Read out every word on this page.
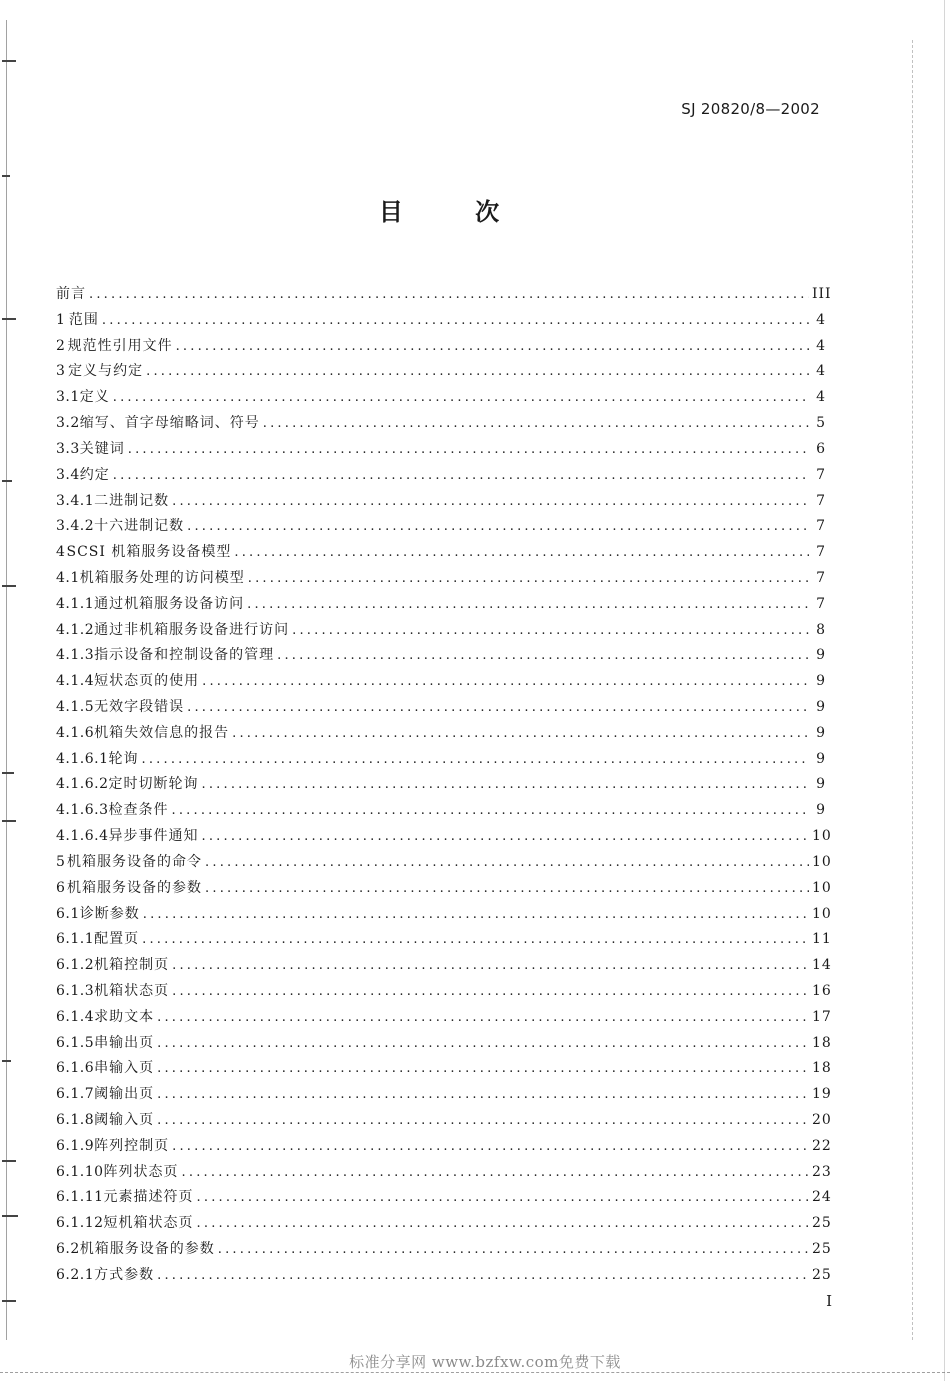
SJ 20820/8—2002
目 次
前言 .....	III
1 范围 .....	4
2 规范性引用文件 .....	4
3 定义与约定 .....	4
3.1 定义 .....	4
3.2 缩写、首字母缩略词、符号 .....	5
3.3 关键词 .....	6
3.4 约定 .....	7
3.4.1 二进制记数 .....	7
3.4.2 十六进制记数 .....	7
4 SCSI 机箱服务设备模型 .....	7
4.1 机箱服务处理的访问模型 .....	7
4.1.1 通过机箱服务设备访问 .....	7
4.1.2 通过非机箱服务设备进行访问 .....	8
4.1.3 指示设备和控制设备的管理 .....	9
4.1.4 短状态页的使用 .....	9
4.1.5 无效字段错误 .....	9
4.1.6 机箱失效信息的报告 .....	9
4.1.6.1 轮询 .....	9
4.1.6.2 定时切断轮询 .....	9
4.1.6.3 检查条件 .....	9
4.1.6.4 异步事件通知 .....	10
5 机箱服务设备的命令 .....	10
6 机箱服务设备的参数 .....	10
6.1 诊断参数 .....	10
6.1.1 配置页 .....	11
6.1.2 机箱控制页 .....	14
6.1.3 机箱状态页 .....	16
6.1.4 求助文本 .....	17
6.1.5 串输出页 .....	18
6.1.6 串输入页 .....	18
6.1.7 阈输出页 .....	19
6.1.8 阈输入页 .....	20
6.1.9 阵列控制页 .....	22
6.1.10 阵列状态页 .....	23
6.1.11 元素描述符页 .....	24
6.1.12 短机箱状态页 .....	25
6.2 机箱服务设备的参数 .....	25
6.2.1 方式参数 .....	25
I
标准分享网 www.bzfxw.com免费下载
